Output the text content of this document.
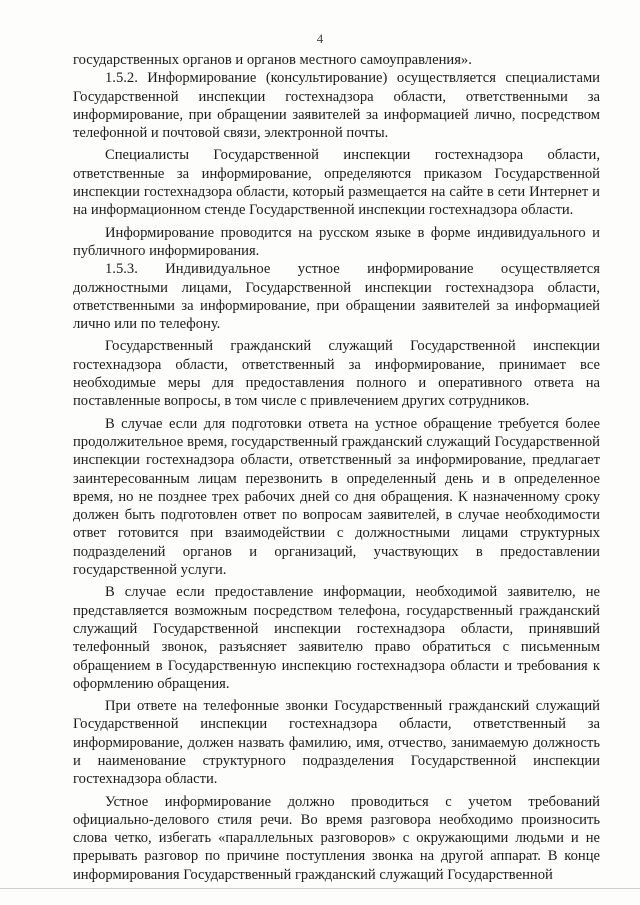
4

государственных органов и органов местного самоуправления».

1.5.2. Информирование (консультирование) осуществляется специалистами Государственной инспекции гостехнадзора области, ответственными за информирование, при обращении заявителей за информацией лично, посредством телефонной и почтовой связи, электронной почты.

Специалисты Государственной инспекции гостехнадзора области, ответственные за информирование, определяются приказом Государственной инспекции гостехнадзора области, который размещается на сайте в сети Интернет и на информационном стенде Государственной инспекции гостехнадзора области.

Информирование проводится на русском языке в форме индивидуального и публичного информирования.

1.5.3. Индивидуальное устное информирование осуществляется должностными лицами, Государственной инспекции гостехнадзора области, ответственными за информирование, при обращении заявителей за информацией лично или по телефону.

Государственный гражданский служащий Государственной инспекции гостехнадзора области, ответственный за информирование, принимает все необходимые меры для предоставления полного и оперативного ответа на поставленные вопросы, в том числе с привлечением других сотрудников.

В случае если для подготовки ответа на устное обращение требуется более продолжительное время, государственный гражданский служащий Государственной инспекции гостехнадзора области, ответственный за информирование, предлагает заинтересованным лицам перезвонить в определенный день и в определенное время, но не позднее трех рабочих дней со дня обращения. К назначенному сроку должен быть подготовлен ответ по вопросам заявителей, в случае необходимости ответ готовится при взаимодействии с должностными лицами структурных подразделений органов и организаций, участвующих в предоставлении государственной услуги.

В случае если предоставление информации, необходимой заявителю, не представляется возможным посредством телефона, государственный гражданский служащий Государственной инспекции гостехнадзора области, принявший телефонный звонок, разъясняет заявителю право обратиться с письменным обращением в Государственную инспекцию гостехнадзора области и требования к оформлению обращения.

При ответе на телефонные звонки Государственный гражданский служащий Государственной инспекции гостехнадзора области, ответственный за информирование, должен назвать фамилию, имя, отчество, занимаемую должность и наименование структурного подразделения Государственной инспекции гостехнадзора области.

Устное информирование должно проводиться с учетом требований официально-делового стиля речи. Во время разговора необходимо произносить слова четко, избегать «параллельных разговоров» с окружающими людьми и не прерывать разговор по причине поступления звонка на другой аппарат. В конце информирования Государственный гражданский служащий Государственной
